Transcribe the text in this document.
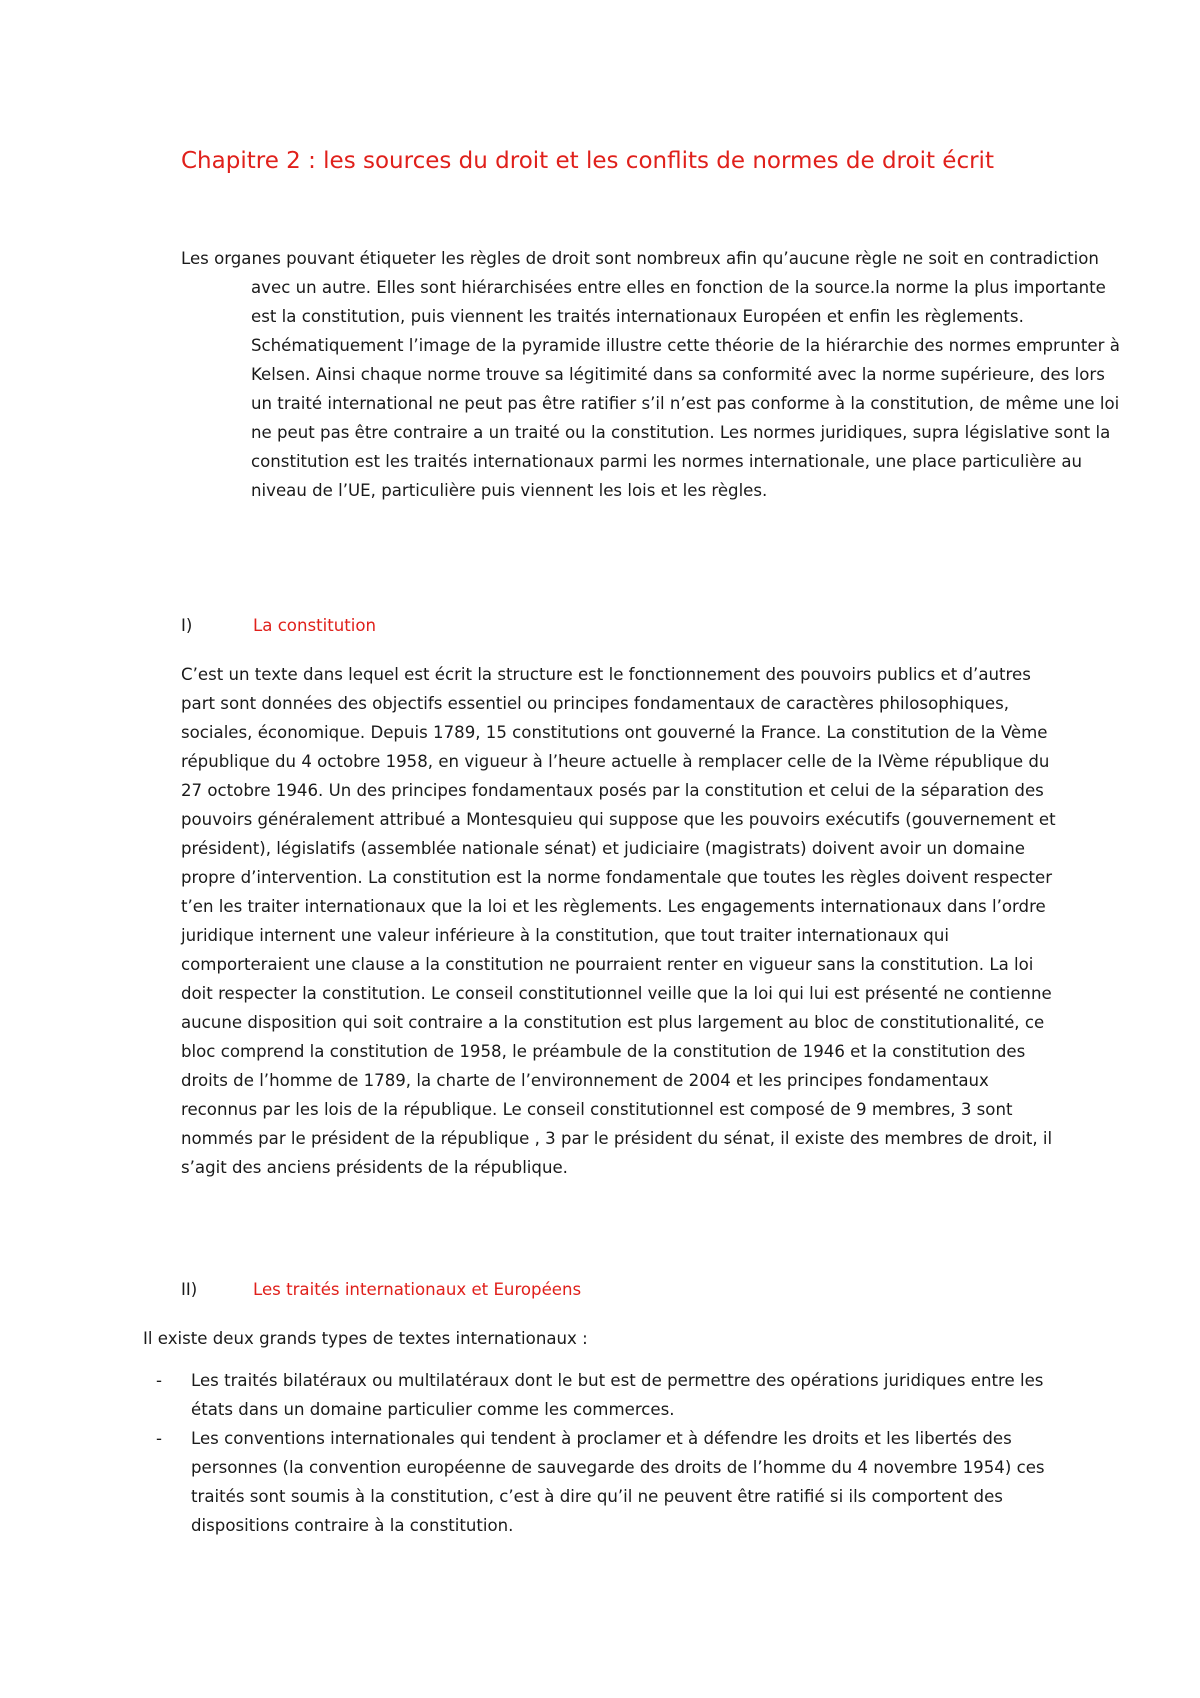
Chapitre 2 : les sources du droit et les conflits de normes de droit écrit
Les organes pouvant étiqueter les règles de droit sont nombreux afin qu’aucune règle ne soit en contradiction avec un autre. Elles sont hiérarchisées entre elles en fonction de la source.la norme la plus importante est la constitution, puis viennent les traités internationaux Européen et enfin les règlements. Schématiquement l’image de la pyramide illustre cette théorie de la hiérarchie des normes emprunter à Kelsen. Ainsi chaque norme trouve sa légitimité dans sa conformité avec la norme supérieure, des lors un traité international ne peut pas être ratifier s’il n’est pas conforme à la constitution, de même une loi ne peut pas être contraire a un traité ou la constitution. Les normes juridiques, supra législative sont la constitution est les traités internationaux parmi les normes internationale, une place particulière au niveau de l’UE, particulière puis viennent les lois et les règles.
I)	La constitution
C’est un texte dans lequel est écrit la structure est le fonctionnement des pouvoirs publics et d’autres part sont données des objectifs essentiel ou principes fondamentaux de caractères philosophiques, sociales, économique. Depuis 1789, 15 constitutions ont gouverné la France. La constitution de la Vème république du 4 octobre 1958, en vigueur à l’heure actuelle à remplacer celle de la IVème république du 27 octobre 1946. Un des principes fondamentaux posés par la constitution et celui de la séparation des pouvoirs généralement attribué a Montesquieu qui suppose que les pouvoirs exécutifs (gouvernement et président), législatifs (assemblée nationale sénat) et judiciaire (magistrats) doivent avoir un domaine propre d’intervention. La constitution est la norme fondamentale que toutes les règles doivent respecter t’en les traiter internationaux que la loi et les règlements. Les engagements internationaux dans l’ordre juridique internent une valeur inférieure à la constitution, que tout traiter internationaux qui comporteraient une clause a la constitution ne pourraient renter en vigueur sans la constitution. La loi doit respecter la constitution. Le conseil constitutionnel veille que la loi qui lui est présenté ne contienne aucune disposition qui soit contraire a la constitution est plus largement au bloc de constitutionalité, ce bloc comprend la constitution de 1958, le préambule de la constitution de 1946 et la constitution des droits de l’homme de 1789, la charte de l’environnement de 2004 et les principes fondamentaux reconnus par les lois de la république. Le conseil constitutionnel est composé de 9 membres, 3 sont nommés par le président de la république , 3 par le président du sénat, il existe des membres de droit, il s’agit des anciens présidents de la république.
II)	Les traités internationaux et Européens
Il existe deux grands types de textes internationaux :
- Les traités bilatéraux ou multilatéraux dont le but est de permettre des opérations juridiques entre les états dans un domaine particulier comme les commerces.
- Les conventions internationales qui tendent à proclamer et à défendre les droits et les libertés des personnes (la convention européenne de sauvegarde des droits de l’homme du 4 novembre 1954) ces traités sont soumis à la constitution, c’est à dire qu’il ne peuvent être ratifié si ils comportent des dispositions contraire à la constitution.
